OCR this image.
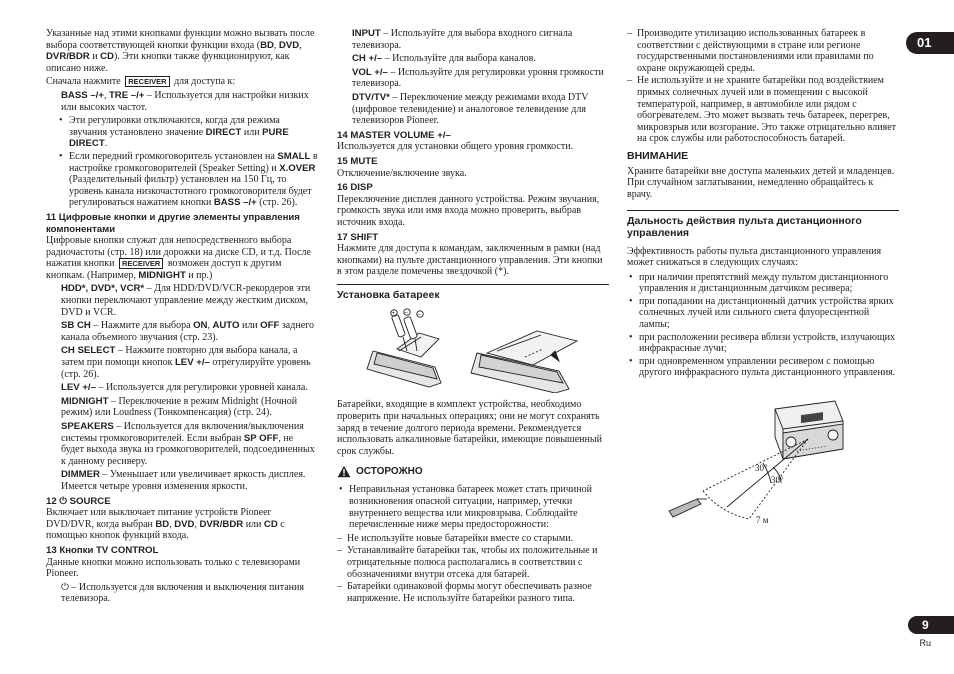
Указанные над этими кнопками функции можно вызвать после выбора соответствующей кнопки функции входа (BD, DVD, DVR/BDR и CD). Эти кнопки также функционируют, как описано ниже.

Сначала нажмите RECEIVER для доступа к:

BASS –/+, TRE –/+ – Используется для настройки низких или высоких частот.

• Эти регулировки отключаются, когда для режима звучания установлено значение DIRECT или PURE DIRECT.
• Если передний громкоговоритель установлен на SMALL в настройке громкоговорителей (Speaker Setting) и X.OVER (Разделительный фильтр) установлен на 150 Гц, то уровень канала низкочастотного громкоговорителя будет регулироваться нажатием кнопки BASS –/+ (стр. 26).

11 Цифровые кнопки и другие элементы управления компонентами

Цифровые кнопки служат для непосредственного выбора радиочастоты (стр. 18) или дорожки на диске CD, и т.д. После нажатия кнопки RECEIVER возможен доступ к другим кнопкам. (Например, MIDNIGHT и пр.)

HDD*, DVD*, VCR* – Для HDD/DVD/VCR-рекордеров эти кнопки переключают управление между жестким диском, DVD и VCR.

SB CH – Нажмите для выбора ON, AUTO или OFF заднего канала объемного звучания (стр. 23).

CH SELECT – Нажмите повторно для выбора канала, а затем при помощи кнопок LEV +/– отрегулируйте уровень (стр. 26).

LEV +/– – Используется для регулировки уровней канала.

MIDNIGHT – Переключение в режим Midnight (Ночной режим) или Loudness (Тонкомпенсация) (стр. 24).

SPEAKERS – Используется для включения/выключения системы громкоговорителей. Если выбран SP OFF, не будет выхода звука из громкоговорителей, подсоединенных к данному ресиверу.

DIMMER – Уменьшает или увеличивает яркость дисплея. Имеется четыре уровня изменения яркости.

12 ⏻ SOURCE

Включает или выключает питание устройств Pioneer DVD/DVR, когда выбран BD, DVD, DVR/BDR или CD с помощью кнопок функций входа.

13 Кнопки TV CONTROL

Данные кнопки можно использовать только с телевизорами Pioneer.

⏻ – Используется для включения и выключения питания телевизора.

INPUT – Используйте для выбора входного сигнала телевизора.

CH +/– – Используйте для выбора каналов.

VOL +/– – Используйте для регулировки уровня громкости телевизора.

DTV/TV* – Переключение между режимами входа DTV (цифровое телевидение) и аналоговое телевидение для телевизоров Pioneer.

14 MASTER VOLUME +/–

Используется для установки общего уровня громкости.

15 MUTE

Отключение/включение звука.

16 DISP

Переключение дисплея данного устройства. Режим звучания, громкость звука или имя входа можно проверить, выбрав источник входа.

17 SHIFT

Нажмите для доступа к командам, заключенным в рамки (над кнопками) на пульте дистанционного управления. Эти кнопки в этом разделе помечены звездочкой (*).

Установка батареек
+ – –

Батарейки, входящие в комплект устройства, необходимо проверить при начальных операциях; они не могут сохранять заряд в течение долгого периода времени. Рекомендуется использовать алкалиновые батарейки, имеющие повышенный срок службы.

ОСТОРОЖНО
• Неправильная установка батареек может стать причиной возникновения опасной ситуации, например, утечки внутреннего вещества или микровзрыва. Соблюдайте перечисленные ниже меры предосторожности:
– Не используйте новые батарейки вместе со старыми.
– Устанавливайте батарейки так, чтобы их положительные и отрицательные полюса располагались в соответствии с обозначениями внутри отсека для батарей.
– Батарейки одинаковой формы могут обеспечивать разное напряжение. Не используйте батарейки разного типа.
– Производите утилизацию использованных батареек в соответствии с действующими в стране или регионе государственными постановлениями или правилами по охране окружающей среды.
– Не используйте и не храните батарейки под воздействием прямых солнечных лучей или в помещении с высокой температурой, например, в автомобиле или рядом с обогревателем. Это может вызвать течь батареек, перегрев, микровзрыв или возгорание. Это также отрицательно влияет на срок службы или работоспособность батарей.
ВНИМАНИЕ

Храните батарейки вне доступа маленьких детей и младенцев. При случайном заглатывании, немедленно обращайтесь к врачу.

Дальность действия пульта дистанционного управления

Эффективность работы пульта дистанционного управления может снижаться в следующих случаях:

• при наличии препятствий между пультом дистанционного управления и дистанционным датчиком ресивера;
• при попадании на дистанционный датчик устройства ярких солнечных лучей или сильного света флуоресцентной лампы;
• при расположении ресивера вблизи устройств, излучающих инфракрасные лучи;
• при одновременном управлении ресивером с помощью другого инфракрасного пульта дистанционного управления.
30°
30°
7 м
01
9
Ru
